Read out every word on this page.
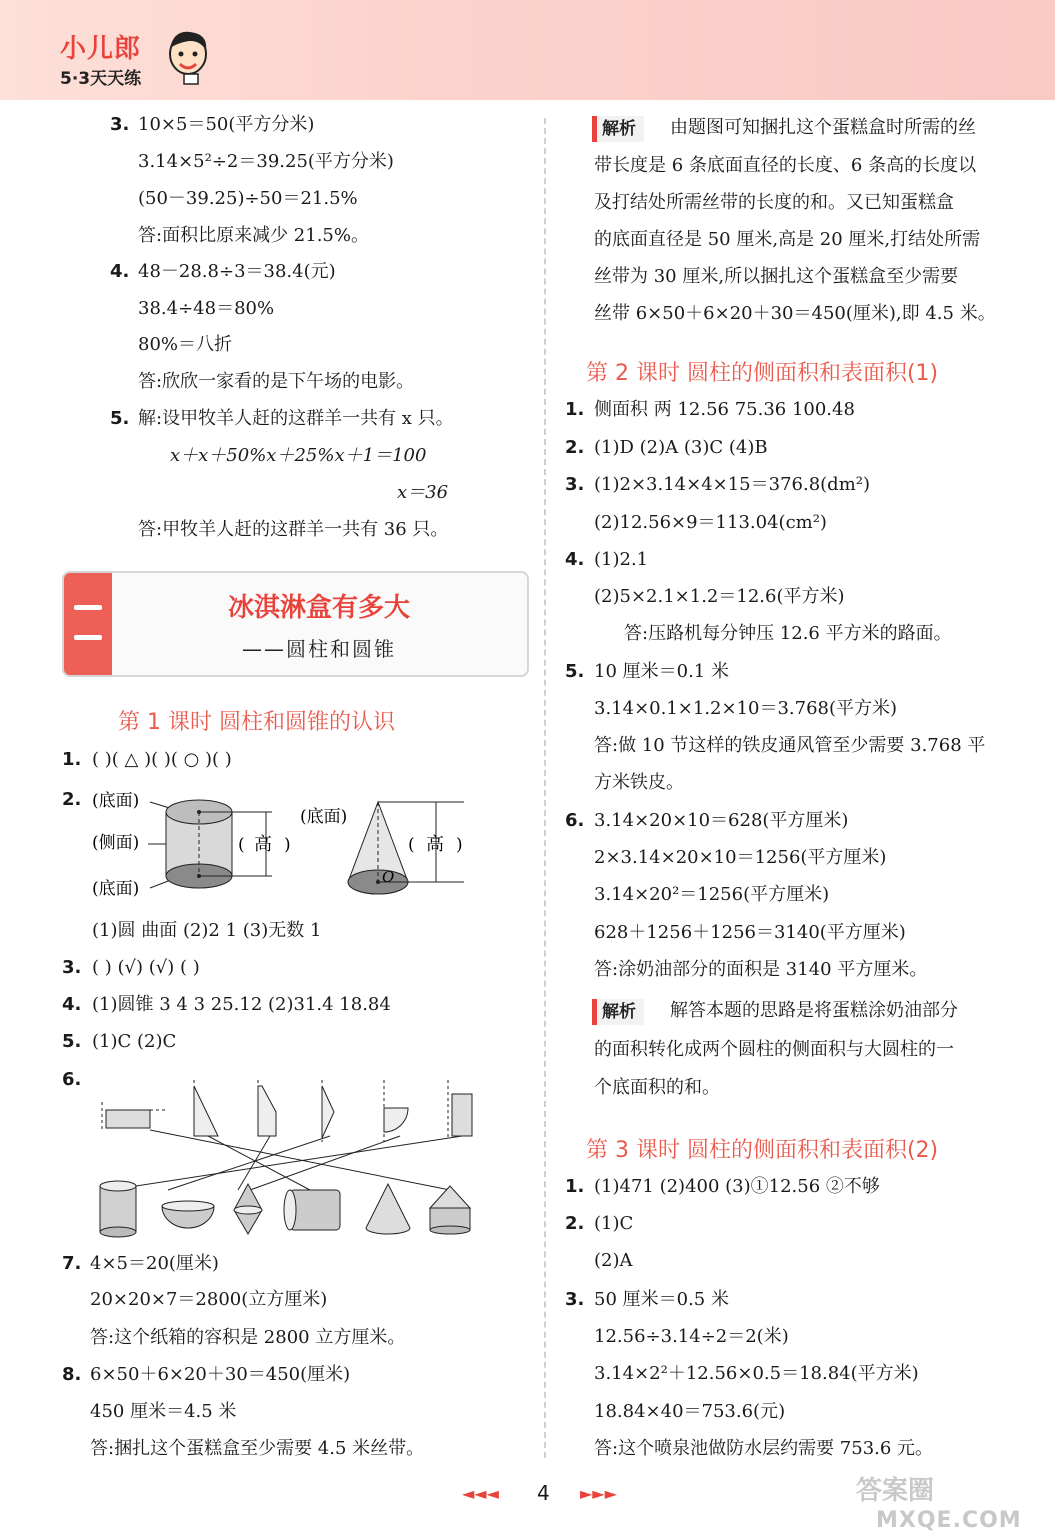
小儿郎
5·3天天练
3. 10×5＝50(平方分米)
3.14×5²÷2＝39.25(平方分米)
(50－39.25)÷50＝21.5%
答:面积比原来减少 21.5%。
4. 48－28.8÷3＝38.4(元)
38.4÷48＝80%
80%＝八折
答:欣欣一家看的是下午场的电影。
5. 解:设甲牧羊人赶的这群羊一共有 x 只。
x＋x＋50%x＋25%x＋1＝100
x＝36
答:甲牧羊人赶的这群羊一共有 36 只。
冰淇淋盒有多大
——圆柱和圆锥
第 1 课时 圆柱和圆锥的认识
1. ( )( △ )( )( ○ )( )
2. (底面)
(侧面)
(底面)
( 高 )
(底面)
O
( 高 )
(1)圆 曲面 (2)2 1 (3)无数 1
3. ( ) (√) (√) ( )
4. (1)圆锥 3 4 3 25.12 (2)31.4 18.84
5. (1)C (2)C
6.
7. 4×5＝20(厘米)
20×20×7＝2800(立方厘米)
答:这个纸箱的容积是 2800 立方厘米。
8. 6×50＋6×20＋30＝450(厘米)
450 厘米＝4.5 米
答:捆扎这个蛋糕盒至少需要 4.5 米丝带。
解析	由题图可知捆扎这个蛋糕盒时所需的丝
带长度是 6 条底面直径的长度、6 条高的长度以
及打结处所需丝带的长度的和。又已知蛋糕盒
的底面直径是 50 厘米,高是 20 厘米,打结处所需
丝带为 30 厘米,所以捆扎这个蛋糕盒至少需要
丝带 6×50＋6×20＋30＝450(厘米),即 4.5 米。
第 2 课时 圆柱的侧面积和表面积(1)
1. 侧面积 两 12.56 75.36 100.48
2. (1)D (2)A (3)C (4)B
3. (1)2×3.14×4×15＝376.8(dm²)
(2)12.56×9＝113.04(cm²)
4. (1)2.1
(2)5×2.1×1.2＝12.6(平方米)
答:压路机每分钟压 12.6 平方米的路面。
5. 10 厘米＝0.1 米
3.14×0.1×1.2×10＝3.768(平方米)
答:做 10 节这样的铁皮通风管至少需要 3.768 平
方米铁皮。
6. 3.14×20×10＝628(平方厘米)
2×3.14×20×10＝1256(平方厘米)
3.14×20²＝1256(平方厘米)
628＋1256＋1256＝3140(平方厘米)
答:涂奶油部分的面积是 3140 平方厘米。
解析	解答本题的思路是将蛋糕涂奶油部分
的面积转化成两个圆柱的侧面积与大圆柱的一
个底面积的和。
第 3 课时 圆柱的侧面积和表面积(2)
1. (1)471 (2)400 (3)①12.56 ②不够
2. (1)C
(2)A
3. 50 厘米＝0.5 米
12.56÷3.14÷2＝2(米)
3.14×2²＋12.56×0.5＝18.84(平方米)
18.84×40＝753.6(元)
答:这个喷泉池做防水层约需要 753.6 元。
◄◄◄ 4 ►►►	答案圈
MXQE.COM
